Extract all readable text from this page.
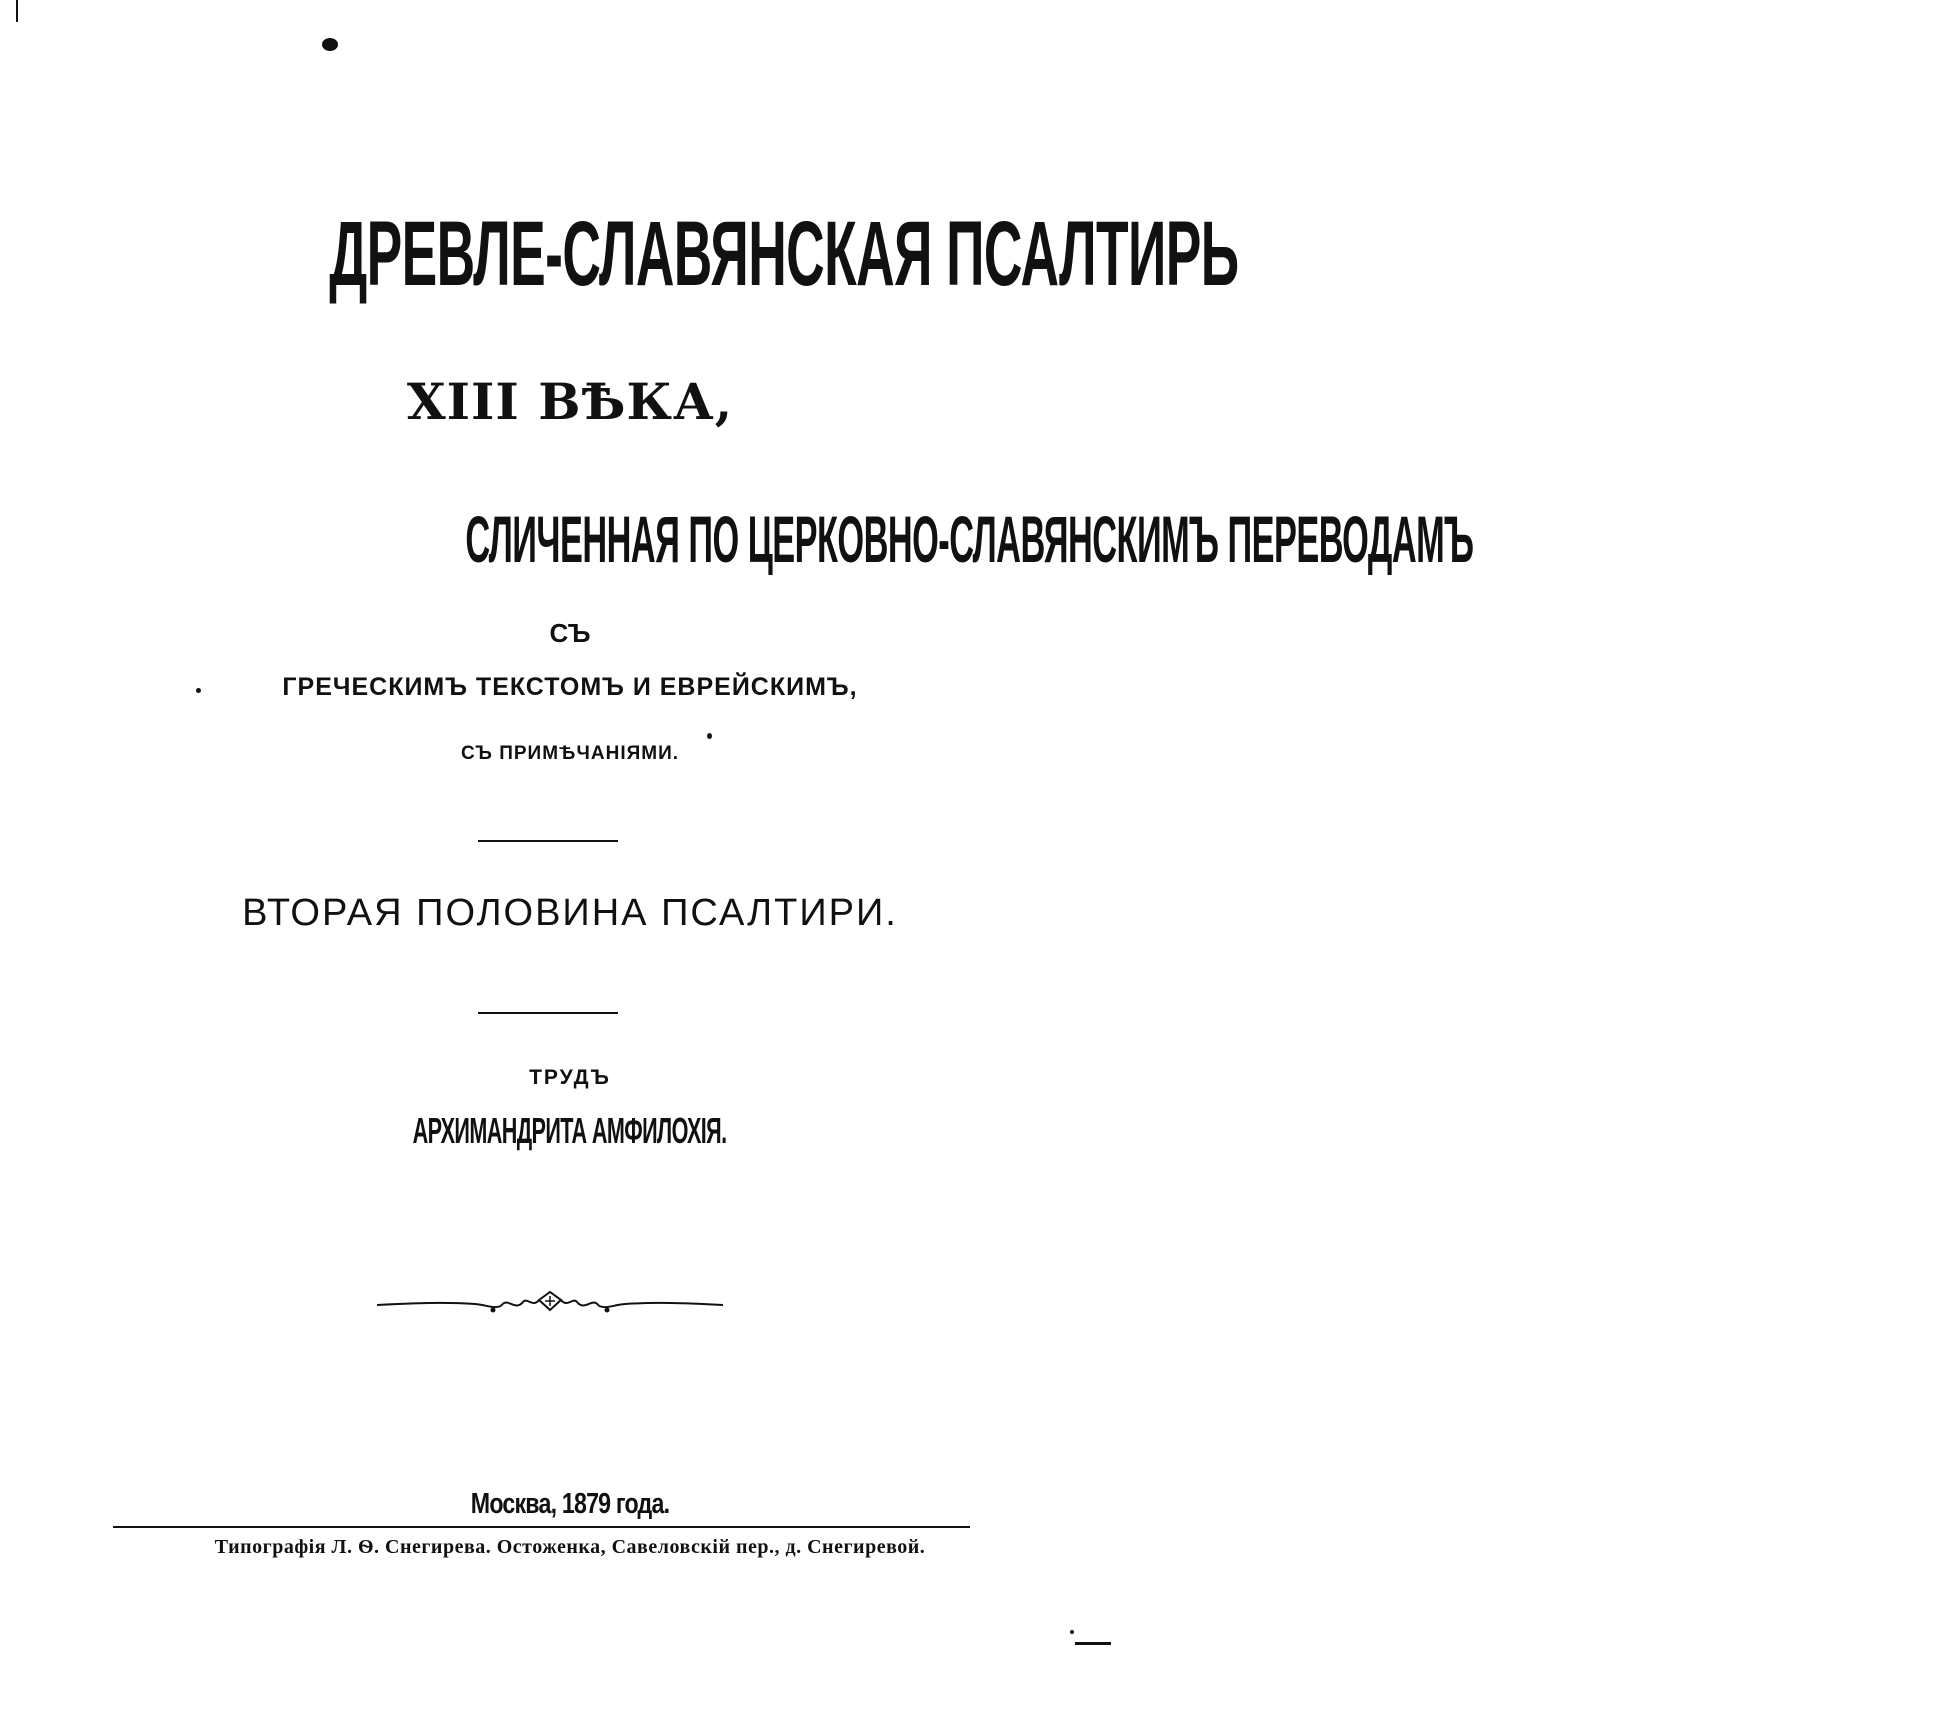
ДРЕВЛЕ-СЛАВЯНСКАЯ ПСАЛТИРЬ
XIII ВѢКА,
СЛИЧЕННАЯ ПО ЦЕРКОВНО-СЛАВЯНСКИМЪ ПЕРЕВОДАМЪ
СЪ
ГРЕЧЕСКИМЪ ТЕКСТОМЪ И ЕВРЕЙСКИМЪ,
СЪ ПРИМѢЧАНІЯМИ.
ВТОРАЯ ПОЛОВИНА ПСАЛТИРИ.
ТРУДЪ
АРХИМАНДРИТА АМФИЛОХІЯ.
Москва, 1879 года.
Типографія Л. Ѳ. Снегирева. Остоженка, Савеловскій пер., д. Снегиревой.
